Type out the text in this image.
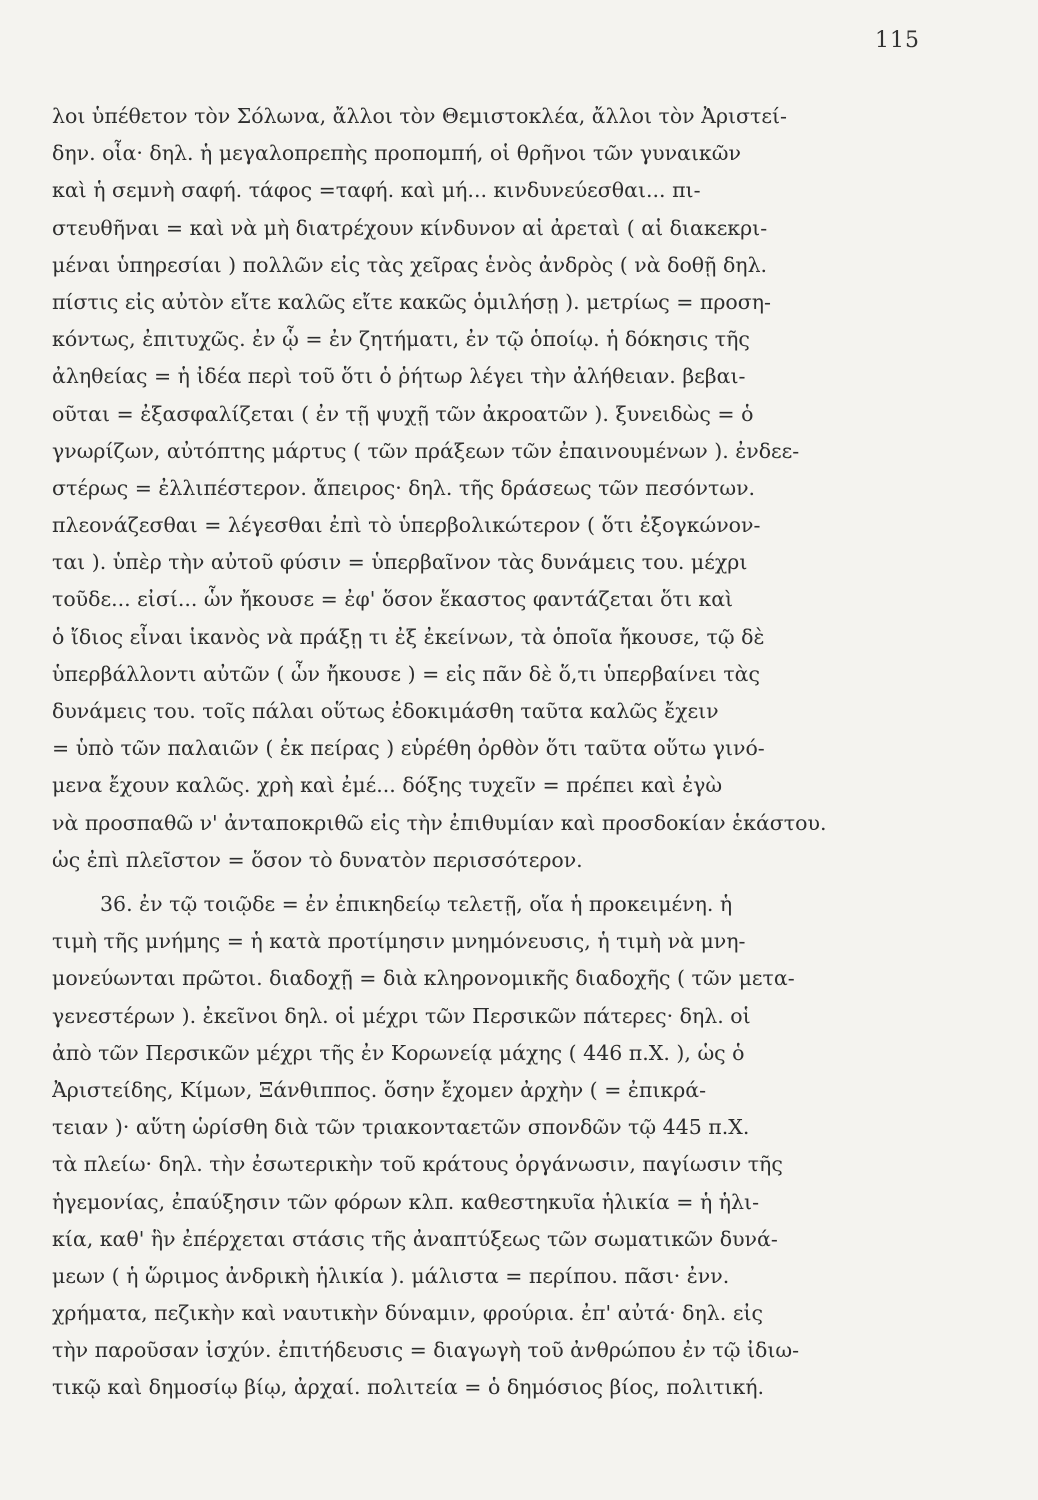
115
λοι ὑπέθετον τὸν Σόλωνα, ἄλλοι τὸν Θεμιστοκλέα, ἄλλοι τὸν Ἀριστεί-
δην. οἷα· δηλ. ἡ μεγαλοπρεπὴς προπομπή, οἱ θρῆνοι τῶν γυναικῶν
καὶ ἡ σεμνὴ σαφή. τάφος =ταφή. καὶ μή... κινδυνεύεσθαι... πι-
στευθῆναι = καὶ νὰ μὴ διατρέχουν κίνδυνον αἱ ἀρεταὶ ( αἱ διακεκρι-
μέναι ὑπηρεσίαι ) πολλῶν εἰς τὰς χεῖρας ἑνὸς ἀνδρὸς ( νὰ δοθῇ δηλ.
πίστις εἰς αὐτὸν εἴτε καλῶς εἴτε κακῶς ὁμιλήσῃ ). μετρίως = προση-
κόντως, ἐπιτυχῶς. ἐν ᾧ = ἐν ζητήματι, ἐν τῷ ὁποίῳ. ἡ δόκησις τῆς
ἀληθείας = ἡ ἰδέα περὶ τοῦ ὅτι ὁ ῥήτωρ λέγει τὴν ἀλήθειαν. βεβαι-
οῦται = ἐξασφαλίζεται ( ἐν τῇ ψυχῇ τῶν ἀκροατῶν ). ξυνειδὼς = ὁ
γνωρίζων, αὐτόπτης μάρτυς ( τῶν πράξεων τῶν ἐπαινουμένων ). ἐνδεε-
στέρως = ἐλλιπέστερον. ἄπειρος· δηλ. τῆς δράσεως τῶν πεσόντων.
πλεονάζεσθαι = λέγεσθαι ἐπὶ τὸ ὑπερβολικώτερον ( ὅτι ἐξογκώνον-
ται ). ὑπὲρ τὴν αὐτοῦ φύσιν = ὑπερβαῖνον τὰς δυνάμεις του. μέχρι
τοῦδε... εἰσί... ὧν ἤκουσε = ἐφ' ὅσον ἕκαστος φαντάζεται ὅτι καὶ
ὁ ἴδιος εἶναι ἱκανὸς νὰ πράξῃ τι ἐξ ἐκείνων, τὰ ὁποῖα ἤκουσε, τῷ δὲ
ὑπερβάλλοντι αὐτῶν ( ὧν ἤκουσε ) = εἰς πᾶν δὲ ὅ,τι ὑπερβαίνει τὰς
δυνάμεις του. τοῖς πάλαι οὕτως ἐδοκιμάσθη ταῦτα καλῶς ἔχειν
= ὑπὸ τῶν παλαιῶν ( ἐκ πείρας ) εὑρέθη ὀρθὸν ὅτι ταῦτα οὕτω γινό-
μενα ἔχουν καλῶς. χρὴ καὶ ἐμέ... δόξης τυχεῖν = πρέπει καὶ ἐγὼ
νὰ προσπαθῶ ν' ἀνταποκριθῶ εἰς τὴν ἐπιθυμίαν καὶ προσδοκίαν ἑκάστου.
ὡς ἐπὶ πλεῖστον = ὅσον τὸ δυνατὸν περισσότερον.
36. ἐν τῷ τοιῷδε = ἐν ἐπικηδείῳ τελετῇ, οἵα ἡ προκειμένη. ἡ
τιμὴ τῆς μνήμης = ἡ κατὰ προτίμησιν μνημόνευσις, ἡ τιμὴ νὰ μνη-
μονεύωνται πρῶτοι. διαδοχῇ = διὰ κληρονομικῆς διαδοχῆς ( τῶν μετα-
γενεστέρων ). ἐκεῖνοι δηλ. οἱ μέχρι τῶν Περσικῶν πάτερες· δηλ. οἱ
ἀπὸ τῶν Περσικῶν μέχρι τῆς ἐν Κορωνείᾳ μάχης ( 446 π.Χ. ), ὡς ὁ
Ἀριστείδης, Κίμων, Ξάνθιππος. ὅσην ἔχομεν ἀρχὴν ( = ἐπικρά-
τειαν )· αὕτη ὡρίσθη διὰ τῶν τριακονταετῶν σπονδῶν τῷ 445 π.Χ.
τὰ πλείω· δηλ. τὴν ἐσωτερικὴν τοῦ κράτους ὀργάνωσιν, παγίωσιν τῆς
ἡγεμονίας, ἐπαύξησιν τῶν φόρων κλπ. καθεστηκυῖα ἡλικία = ἡ ἡλι-
κία, καθ' ἣν ἐπέρχεται στάσις τῆς ἀναπτύξεως τῶν σωματικῶν δυνά-
μεων ( ἡ ὥριμος ἀνδρικὴ ἡλικία ). μάλιστα = περίπου. πᾶσι· ἐνν.
χρήματα, πεζικὴν καὶ ναυτικὴν δύναμιν, φρούρια. ἐπ' αὐτά· δηλ. εἰς
τὴν παροῦσαν ἰσχύν. ἐπιτήδευσις = διαγωγὴ τοῦ ἀνθρώπου ἐν τῷ ἰδιω-
τικῷ καὶ δημοσίῳ βίῳ, ἀρχαί. πολιτεία = ὁ δημόσιος βίος, πολιτική.
